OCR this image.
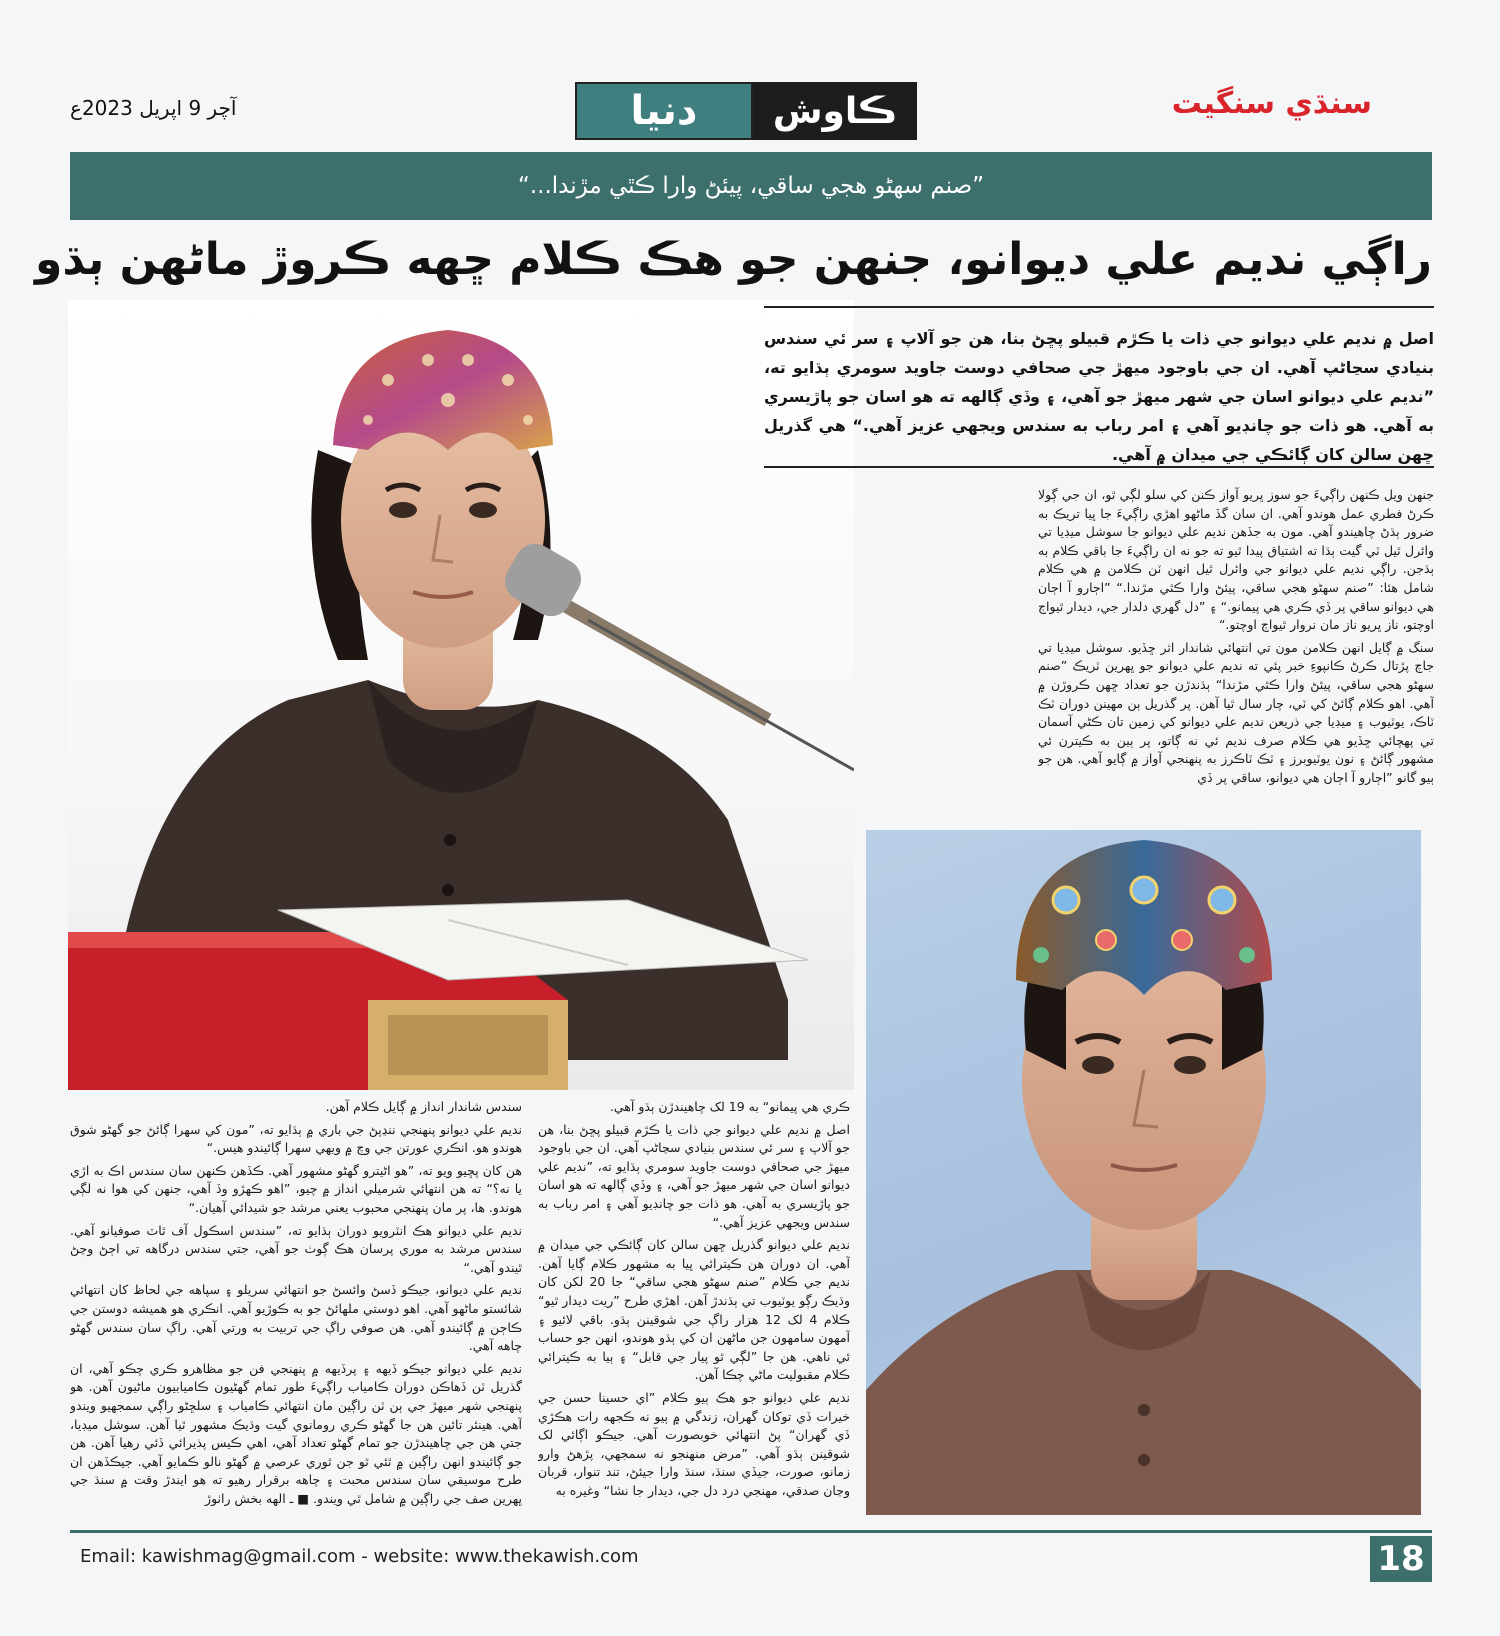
سنڌي سنگيت
آچر 9 اپريل 2023ع	دنيا	ڪاوش
”صنم سهڻو هجي ساقي، پيئڻ وارا ڪٿي مڙندا...“
راڳي نديم علي ديوانو، جنهن جو هڪ ڪلام ڇهه ڪروڙ ماڻهن ٻڌو

اصل ۾ نديم علي ديوانو جي ذات يا ڪڙم قبيلو پڇڻ بنا، هن جو آلاپ ۽ سر ئي سندس بنيادي سڃاڻپ آهي. ان جي باوجود ميهڙ جي صحافي دوست جاويد سومري ٻڌايو ته، ”نديم علي ديوانو اسان جي شهر ميهڙ جو آهي، ۽ وڏي ڳالهه ته هو اسان جو پاڙيسري به آهي. هو ذات جو چانڊيو آهي ۽ امر رباب به سندس ويجهي عزيز آهي.“ هي گذريل ڇهن سالن کان ڳائڪي جي ميدان ۾ آهي.

جنهن ويل ڪنهن راڳيءَ جو سوز ڀريو آواز ڪنن کي سلو لڳي ٿو، ان جي ڳولا ڪرڻ فطري عمل هوندو آهي. ان سان گڏ ماڻهو اهڙي راڳيءَ جا ڀيا تريڪ به ضرور ٻڌڻ چاهيندو آهي. مون به جڏهن نديم علي ديوانو جا سوشل ميڊيا تي وائرل ٿيل ٽي گيت ٻڌا ته اشتياق پيدا ٿيو ته جو نه ان راڳيءَ جا باقي ڪلام به ٻڌجن. راڳي نديم علي ديوانو جي وائرل ٿيل انهن ٽن ڪلامن ۾ هي ڪلام شامل هئا: ”صنم سهڻو هجي ساقي، پيئڻ وارا ڪٿي مڙندا.“ ”اڄارو آ اڄان هي ديوانو ساقي پر ڏي ڪري هي پيمانو.“ ۽ ”دل گهري دلدار جي، ديدار ٿيواڄ اوچتو، ناز ڀريو ناز مان نروار ٿيواڄ اوچتو.“

سنگ ۾ ڳايل انهن ڪلامن مون تي انتهائي شاندار اثر ڇڏيو. سوشل ميڊيا تي جاچ پڙتال ڪرڻ ڪانپوءِ خبر پئي ته نديم علي ديوانو جو ڀهرين ٽريڪ ”صنم سهڻو هجي ساقي، پيئڻ وارا ڪٿي مڙندا“ ٻڌندڙن جو تعداد ڇهن ڪروڙن ۾ آهي. اهو ڪلام ڳائڻ کي ٽي، چار سال ٿيا آهن. پر گذريل ٻن مهينن دوران ٽڪ ٽاڪ، يوٽيوب ۽ ميڊيا جي ذريعن نديم علي ديوانو کي زمين تان ڪڻي آسمان تي پهچائي ڇڏيو هي ڪلام صرف نديم ئي نه ڳاتو، پر ٻين به ڪيترن ئي مشهور ڳائڻ ۽ نون يوٽيوبرز ۽ ٽڪ ٽاڪرز به پنهنجي آواز ۾ ڳايو آهي. هن جو ٻيو گانو ”اڄارو آ اڄان هي ديوانو، ساقي پر ڏي

ڪري هي پيمانو“ به 19 لک چاهيندڙن ٻڌو آهي.

اصل ۾ نديم علي ديوانو جي ذات يا ڪڙم قبيلو پڇڻ بنا، هن جو آلاپ ۽ سر ئي سندس بنيادي سڃاڻپ آهي. ان جي باوجود ميهڙ جي صحافي دوست جاويد سومري ٻڌايو ته، ”نديم علي ديوانو اسان جي شهر ميهڙ جو آهي، ۽ وڏي ڳالهه ته هو اسان جو پاڙيسري به آهي. هو ذات جو چانڊيو آهي ۽ امر رباب به سندس ويجهي عزيز آهي.“

نديم علي ديوانو گذريل ڇهن سالن کان ڳائڪي جي ميدان ۾ آهي. ان دوران هن ڪيترائي ڀيا به مشهور ڪلام ڳايا آهن. نديم جي ڪلام ”صنم سهڻو هجي ساقي“ جا 20 لکن کان وڌيڪ رڳو يوٽيوب تي ٻڌندڙ آهن. اهڙي طرح ”ريت ديدار ٿيو“ ڪلام 4 لک 12 هزار راڳ جي شوقينن ٻڌو. باقي لائيو ۽ آمهون سامهون جن ماڻهن ان کي ٻڌو هوندو، انهن جو حساب ئي ناهي. هن جا ”لڳي ٿو پيار جي قابل“ ۽ ٻيا به ڪيترائي ڪلام مقبوليت ماڻي چڪا آهن.

نديم علي ديوانو جو هڪ ٻيو ڪلام ”اي حسينا حسن جي خيرات ڏي توکان گهران، زندگي ۾ ٻيو نه ڪجهه رات هڪڙي ڏي گهران“ پڻ انتهائي خوبصورت آهي. جيڪو اڳائي لک شوقينن ٻڌو آهي. ”مرض منهنجو نه سمجهي، پڙهڻ وارو زمانو، صورت، جيڏي سنڌ، سنڌ وارا جيئڻ، تند تنوار، قربان وڃان صدقي، مهنجي درد دل جي، ديدار جا نشا“ وغيره به

سندس شاندار انداز ۾ ڳايل ڪلام آهن.

نديم علي ديوانو پنهنجي ننڍپڻ جي باري ۾ ٻڌايو ته، ”مون کي سهرا ڳائڻ جو گهڻو شوق هوندو هو. انڪري عورتن جي وچ ۾ ويهي سهرا ڳائيندو هيس.“

هن کان پڇيو ويو ته، ”هو اڻيترو گهڻو مشهور آهي. ڪڏهن ڪنهن سان سندس اڪ به اڙي يا نه؟“ ته هن انتهائي شرميلي انداز ۾ چيو، ”اهو ڪهڙو وڏ آهي، جنهن کي هوا نه لڳي هوندو. ها، پر مان پنهنجي محبوب يعني مرشد جو شيدائي آهيان.“

نديم علي ديوانو هڪ انٽرويو دوران ٻڌايو ته، ”سندس اسڪول آف ٿاٽ صوفيانو آهي. سندس مرشد به موري پرسان هڪ ڳوٺ جو آهي، جتي سندس درگاهه تي اڄڻ وڃڻ ٿيندو آهي.“

نديم علي ديوانو، جيڪو ڏسڻ وائسڻ جو انتهائي سريلو ۽ سپاهه جي لحاظ کان انتهائي شائستو ماڻهو آهي. اهو دوستي ملهائڻ جو به ڪوڙيو آهي. انڪري هو هميشه دوستن جي ڪاڄن ۾ ڳائيندو آهي. هن صوفي راڳ جي تربيت به ورتي آهي. راڳ سان سندس گهڻو چاهه آهي.

نديم علي ديوانو جيڪو ڏيهه ۽ پرڏيهه ۾ پنهنجي فن جو مظاهرو ڪري چڪو آهي، ان گذريل ٽن ڏهاڪن دوران ڪامياب راڳيءَ طور تمام گهڻيون ڪاميابيون ماڻيون آهن. هو پنهنجي شهر ميهڙ جي ٻن ٽن راڳين مان انتهائي ڪامياب ۽ سلڇڻو راڳي سمجهيو ويندو آهي. هينئر تائين هن جا گهڻو ڪري رومانوي گيت وڌيڪ مشهور ٿيا آهن. سوشل ميڊيا، جتي هن جي چاهيندڙن جو تمام گهڻو تعداد آهي، اهي ڪيس پذيرائي ڏئي رهيا آهن. هن جو ڳائيندو انهن راڳين ۾ ٿئي ٿو جن ٿوري عرصي ۾ گهڻو نالو ڪمايو آهي. جيڪڏهن ان طرح موسيقي سان سندس محبت ۽ چاهه برقرار رهيو ته هو ايندڙ وقت ۾ سنڌ جي ڀهرين صف جي راڳين ۾ شامل ٿي ويندو. ■ ـ الهه بخش راٺوڙ

Email: kawishmag@gmail.com - website: www.thekawish.com	18
